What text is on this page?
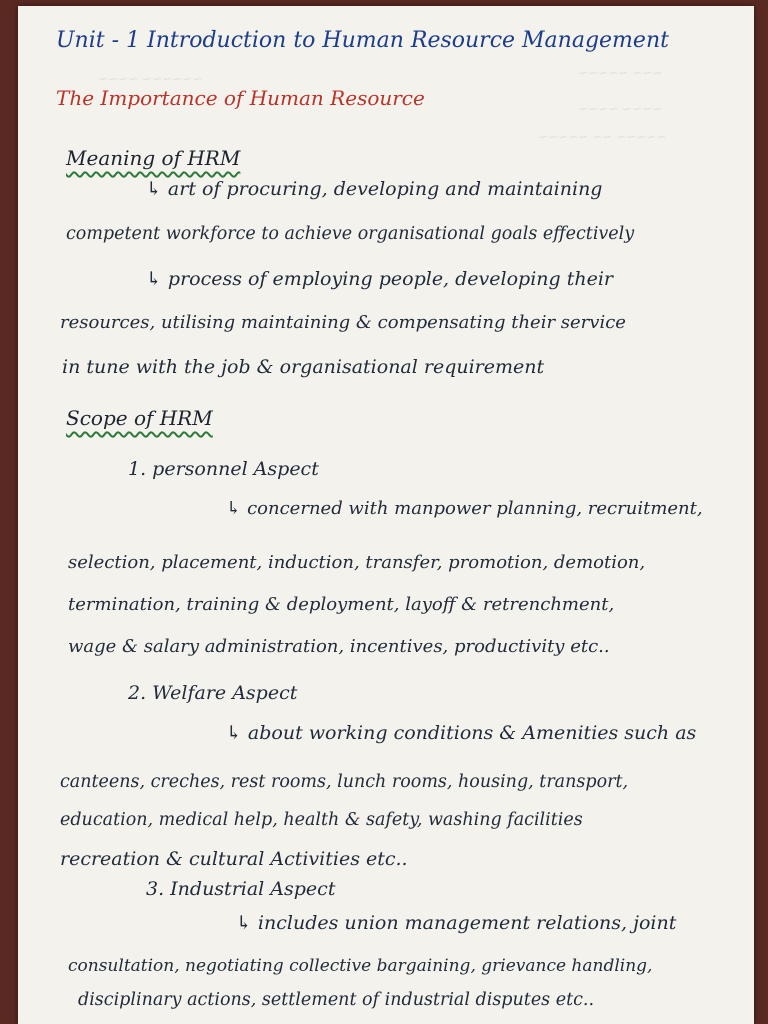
~~~~~~ ~~~~	~~~ ~~~~~
~~~~ ~~~~
~~~~~ ~~ ~~~~~
Unit - 1 Introduction to Human Resource Management
The Importance of Human Resource
Meaning of HRM
↳ art of procuring, developing and maintaining
competent workforce to achieve organisational goals effectively
↳ process of employing people, developing their
resources, utilising maintaining & compensating their service
in tune with the job & organisational requirement
Scope of HRM
1. personnel Aspect
↳ concerned with manpower planning, recruitment,
selection, placement, induction, transfer, promotion, demotion,
termination, training & deployment, layoff & retrenchment,
wage & salary administration, incentives, productivity etc..
2. Welfare Aspect
↳ about working conditions & Amenities such as
canteens, creches, rest rooms, lunch rooms, housing, transport,
education, medical help, health & safety, washing facilities
recreation & cultural Activities etc..
3. Industrial Aspect
↳ includes union management relations, joint
consultation, negotiating collective bargaining, grievance handling,
disciplinary actions, settlement of industrial disputes etc..
